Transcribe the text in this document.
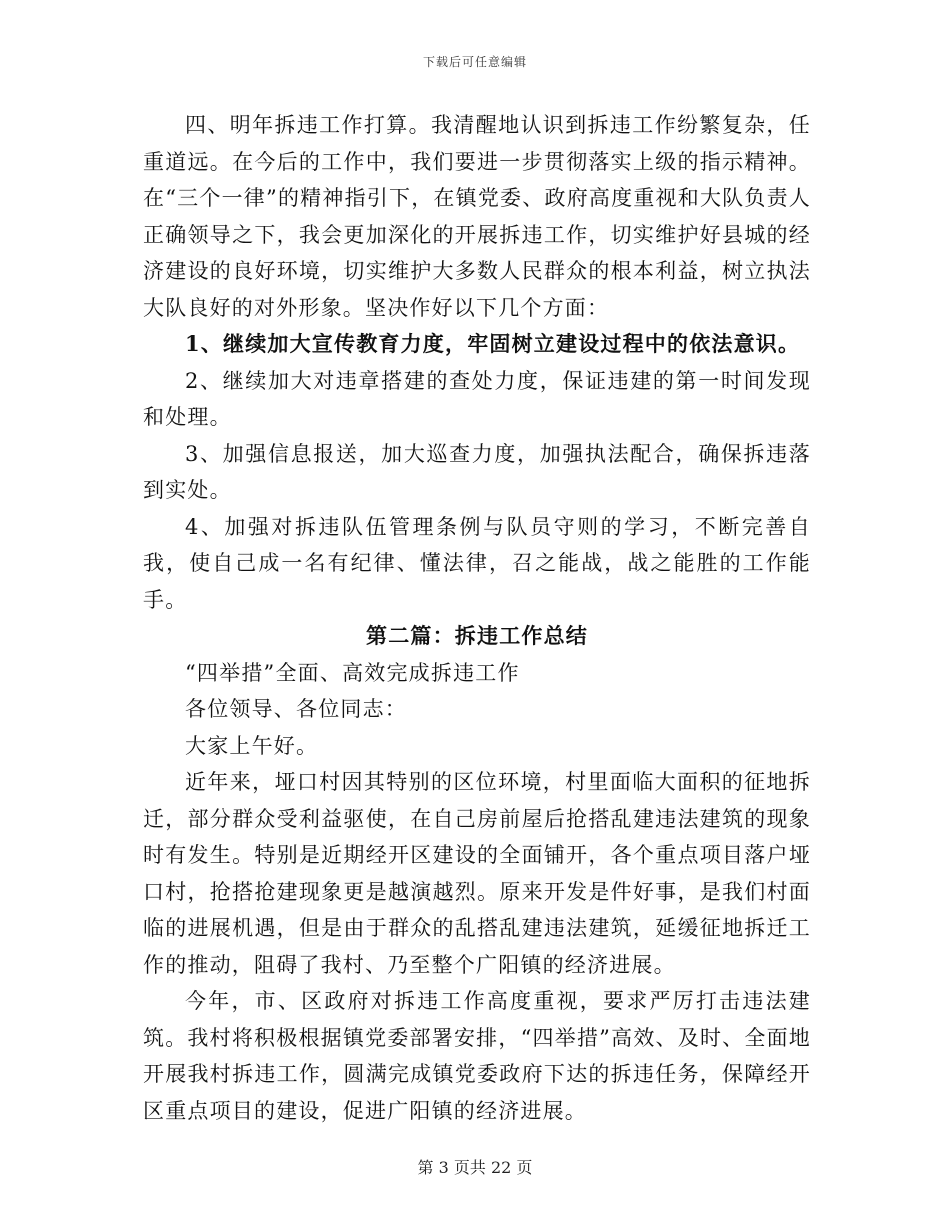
下载后可任意编辑

四、明年拆违工作打算。我清醒地认识到拆违工作纷繁复杂，任重道远。在今后的工作中，我们要进一步贯彻落实上级的指示精神。在“三个一律”的精神指引下，在镇党委、政府高度重视和大队负责人正确领导之下，我会更加深化的开展拆违工作，切实维护好县城的经济建设的良好环境，切实维护大多数人民群众的根本利益，树立执法大队良好的对外形象。坚决作好以下几个方面：

1、继续加大宣传教育力度，牢固树立建设过程中的依法意识。

2、继续加大对违章搭建的查处力度，保证违建的第一时间发现和处理。

3、加强信息报送，加大巡查力度，加强执法配合，确保拆违落到实处。

4、加强对拆违队伍管理条例与队员守则的学习，不断完善自我，使自己成一名有纪律、懂法律，召之能战，战之能胜的工作能手。

第二篇：拆违工作总结

“四举措”全面、高效完成拆违工作

各位领导、各位同志：

大家上午好。

近年来，垭口村因其特别的区位环境，村里面临大面积的征地拆迁，部分群众受利益驱使，在自己房前屋后抢搭乱建违法建筑的现象时有发生。特别是近期经开区建设的全面铺开，各个重点项目落户垭口村，抢搭抢建现象更是越演越烈。原来开发是件好事，是我们村面临的进展机遇，但是由于群众的乱搭乱建违法建筑，延缓征地拆迁工作的推动，阻碍了我村、乃至整个广阳镇的经济进展。

今年，市、区政府对拆违工作高度重视，要求严厉打击违法建筑。我村将积极根据镇党委部署安排，“四举措”高效、及时、全面地开展我村拆违工作，圆满完成镇党委政府下达的拆违任务，保障经开区重点项目的建设，促进广阳镇的经济进展。

第 3 页共 22 页
